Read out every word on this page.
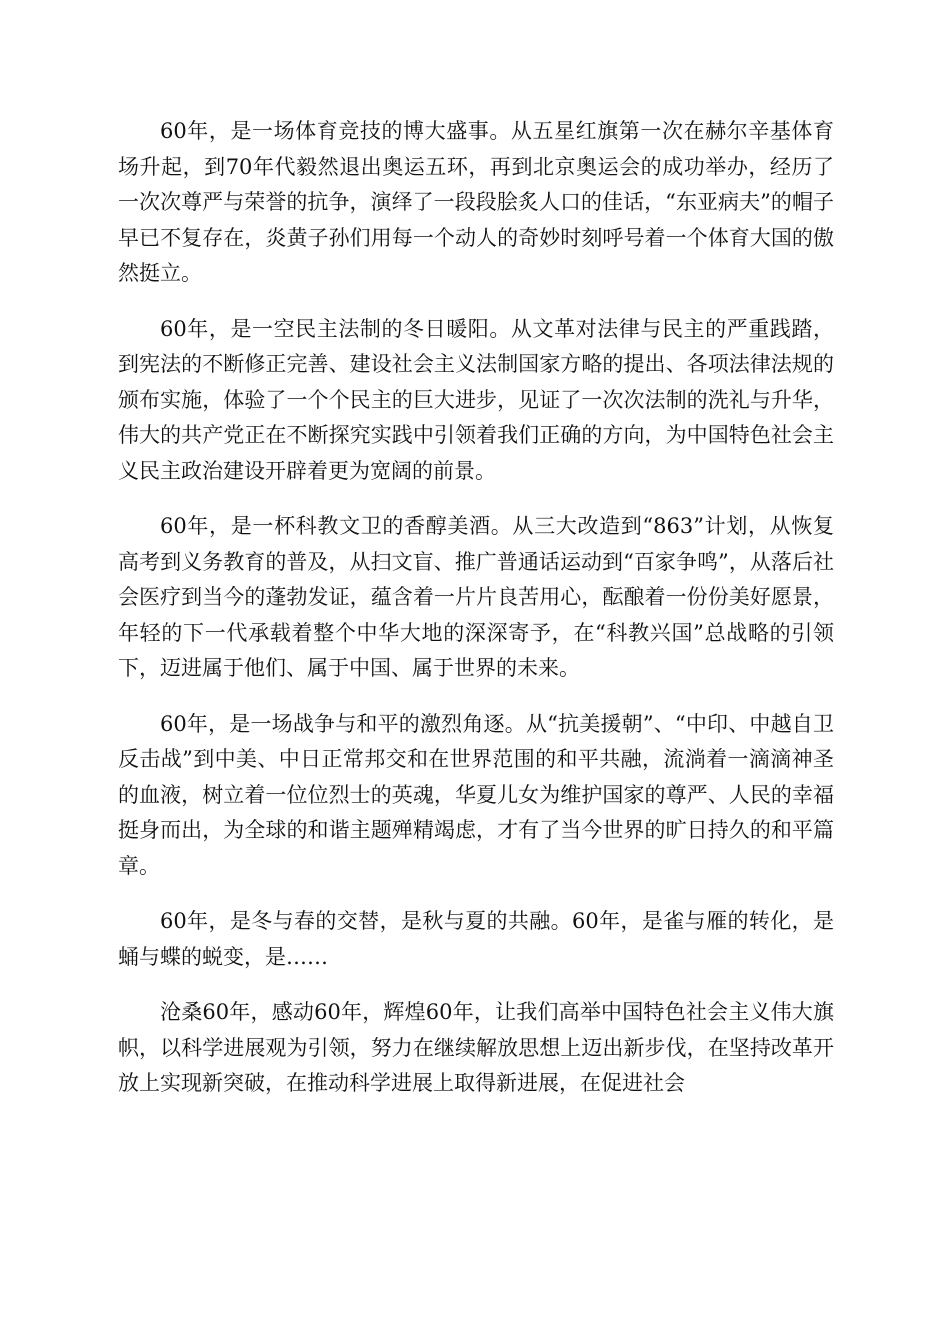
60年，是一场体育竞技的博大盛事。从五星红旗第一次在赫尔辛基体育场升起，到70年代毅然退出奥运五环，再到北京奥运会的成功举办，经历了一次次尊严与荣誉的抗争，演绎了一段段脍炙人口的佳话，“东亚病夫”的帽子早已不复存在，炎黄子孙们用每一个动人的奇妙时刻呼号着一个体育大国的傲然挺立。

60年，是一空民主法制的冬日暖阳。从文革对法律与民主的严重践踏，到宪法的不断修正完善、建设社会主义法制国家方略的提出、各项法律法规的颁布实施，体验了一个个民主的巨大进步，见证了一次次法制的洗礼与升华，伟大的共产党正在不断探究实践中引领着我们正确的方向，为中国特色社会主义民主政治建设开辟着更为宽阔的前景。

60年，是一杯科教文卫的香醇美酒。从三大改造到“863”计划，从恢复高考到义务教育的普及，从扫文盲、推广普通话运动到“百家争鸣”，从落后社会医疗到当今的蓬勃发证，蕴含着一片片良苦用心，酝酿着一份份美好愿景，年轻的下一代承载着整个中华大地的深深寄予，在“科教兴国”总战略的引领下，迈进属于他们、属于中国、属于世界的未来。

60年，是一场战争与和平的激烈角逐。从“抗美援朝”、“中印、中越自卫反击战”到中美、中日正常邦交和在世界范围的和平共融，流淌着一滴滴神圣的血液，树立着一位位烈士的英魂，华夏儿女为维护国家的尊严、人民的幸福挺身而出，为全球的和谐主题殚精竭虑，才有了当今世界的旷日持久的和平篇章。

60年，是冬与春的交替，是秋与夏的共融。60年，是雀与雁的转化，是蛹与蝶的蜕变，是……

沧桑60年，感动60年，辉煌60年，让我们高举中国特色社会主义伟大旗帜，以科学进展观为引领，努力在继续解放思想上迈出新步伐，在坚持改革开放上实现新突破，在推动科学进展上取得新进展，在促进社会
